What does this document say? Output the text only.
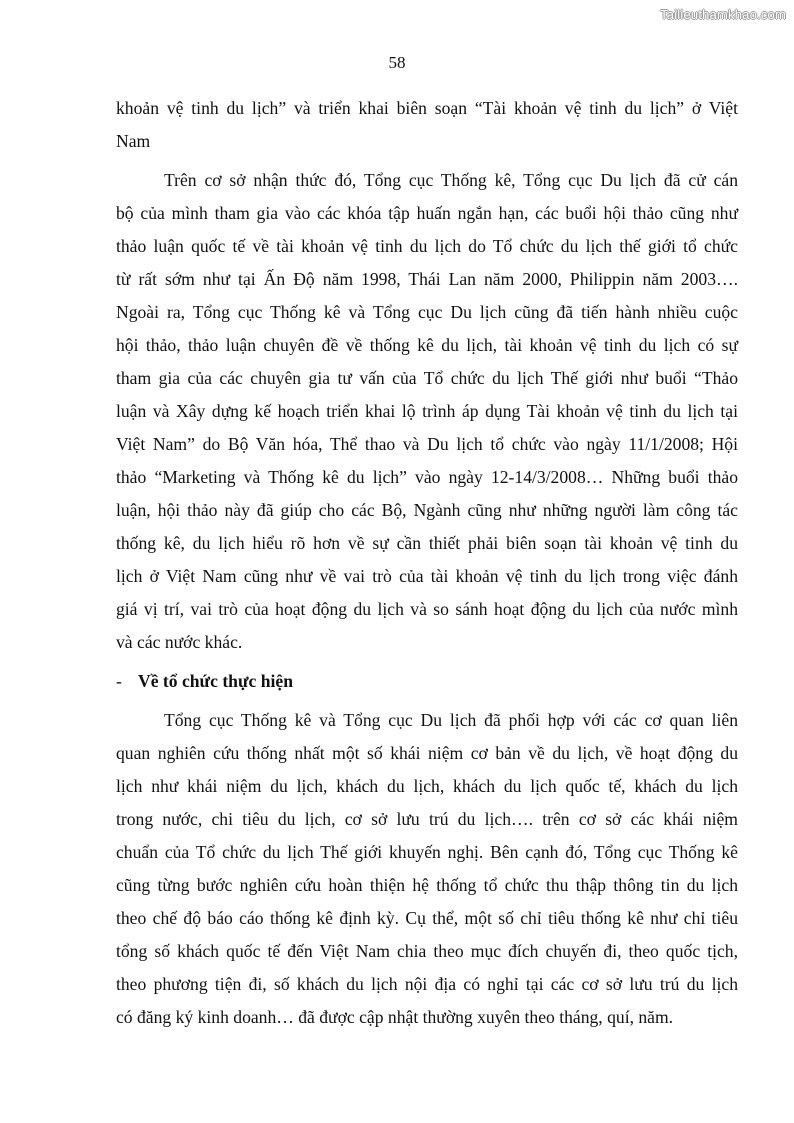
Tailieuthamkhao.com
58
khoản vệ tinh du lịch” và triển khai biên soạn “Tài khoản vệ tinh du lịch” ở Việt
Nam
Trên cơ sở nhận thức đó, Tổng cục Thống kê, Tổng cục Du lịch đã cử cán
bộ của mình tham gia vào các khóa tập huấn ngắn hạn, các buổi hội thảo cũng như
thảo luận quốc tế về tài khoản vệ tinh du lịch do Tổ chức du lịch thế giới tổ chức
từ rất sớm như tại Ấn Độ năm 1998, Thái Lan năm 2000, Philippin năm 2003….
Ngoài ra, Tổng cục Thống kê và Tổng cục Du lịch cũng đã tiến hành nhiều cuộc
hội thảo, thảo luận chuyên đề về thống kê du lịch, tài khoản vệ tinh du lịch có sự
tham gia của các chuyên gia tư vấn của Tổ chức du lịch Thế giới như buổi “Thảo
luận và Xây dựng kế hoạch triển khai lộ trình áp dụng Tài khoản vệ tinh du lịch tại
Việt Nam” do Bộ Văn hóa, Thể thao và Du lịch tổ chức vào ngày 11/1/2008; Hội
thảo “Marketing và Thống kê du lịch” vào ngày 12-14/3/2008… Những buổi thảo
luận, hội thảo này đã giúp cho các Bộ, Ngành cũng như những người làm công tác
thống kê, du lịch hiểu rõ hơn về sự cần thiết phải biên soạn tài khoản vệ tinh du
lịch ở Việt Nam cũng như về vai trò của tài khoản vệ tinh du lịch trong việc đánh
giá vị trí, vai trò của hoạt động du lịch và so sánh hoạt động du lịch của nước mình
và các nước khác.
- Về tổ chức thực hiện
Tổng cục Thống kê và Tổng cục Du lịch đã phối hợp với các cơ quan liên
quan nghiên cứu thống nhất một số khái niệm cơ bản về du lịch, về hoạt động du
lịch như khái niệm du lịch, khách du lịch, khách du lịch quốc tế, khách du lịch
trong nước, chi tiêu du lịch, cơ sở lưu trú du lịch…. trên cơ sở các khái niệm
chuẩn của Tổ chức du lịch Thế giới khuyến nghị. Bên cạnh đó, Tổng cục Thống kê
cũng từng bước nghiên cứu hoàn thiện hệ thống tổ chức thu thập thông tin du lịch
theo chế độ báo cáo thống kê định kỳ. Cụ thể, một số chỉ tiêu thống kê như chỉ tiêu
tổng số khách quốc tế đến Việt Nam chia theo mục đích chuyến đi, theo quốc tịch,
theo phương tiện đi, số khách du lịch nội địa có nghỉ tại các cơ sở lưu trú du lịch
có đăng ký kinh doanh… đã được cập nhật thường xuyên theo tháng, quí, năm.
